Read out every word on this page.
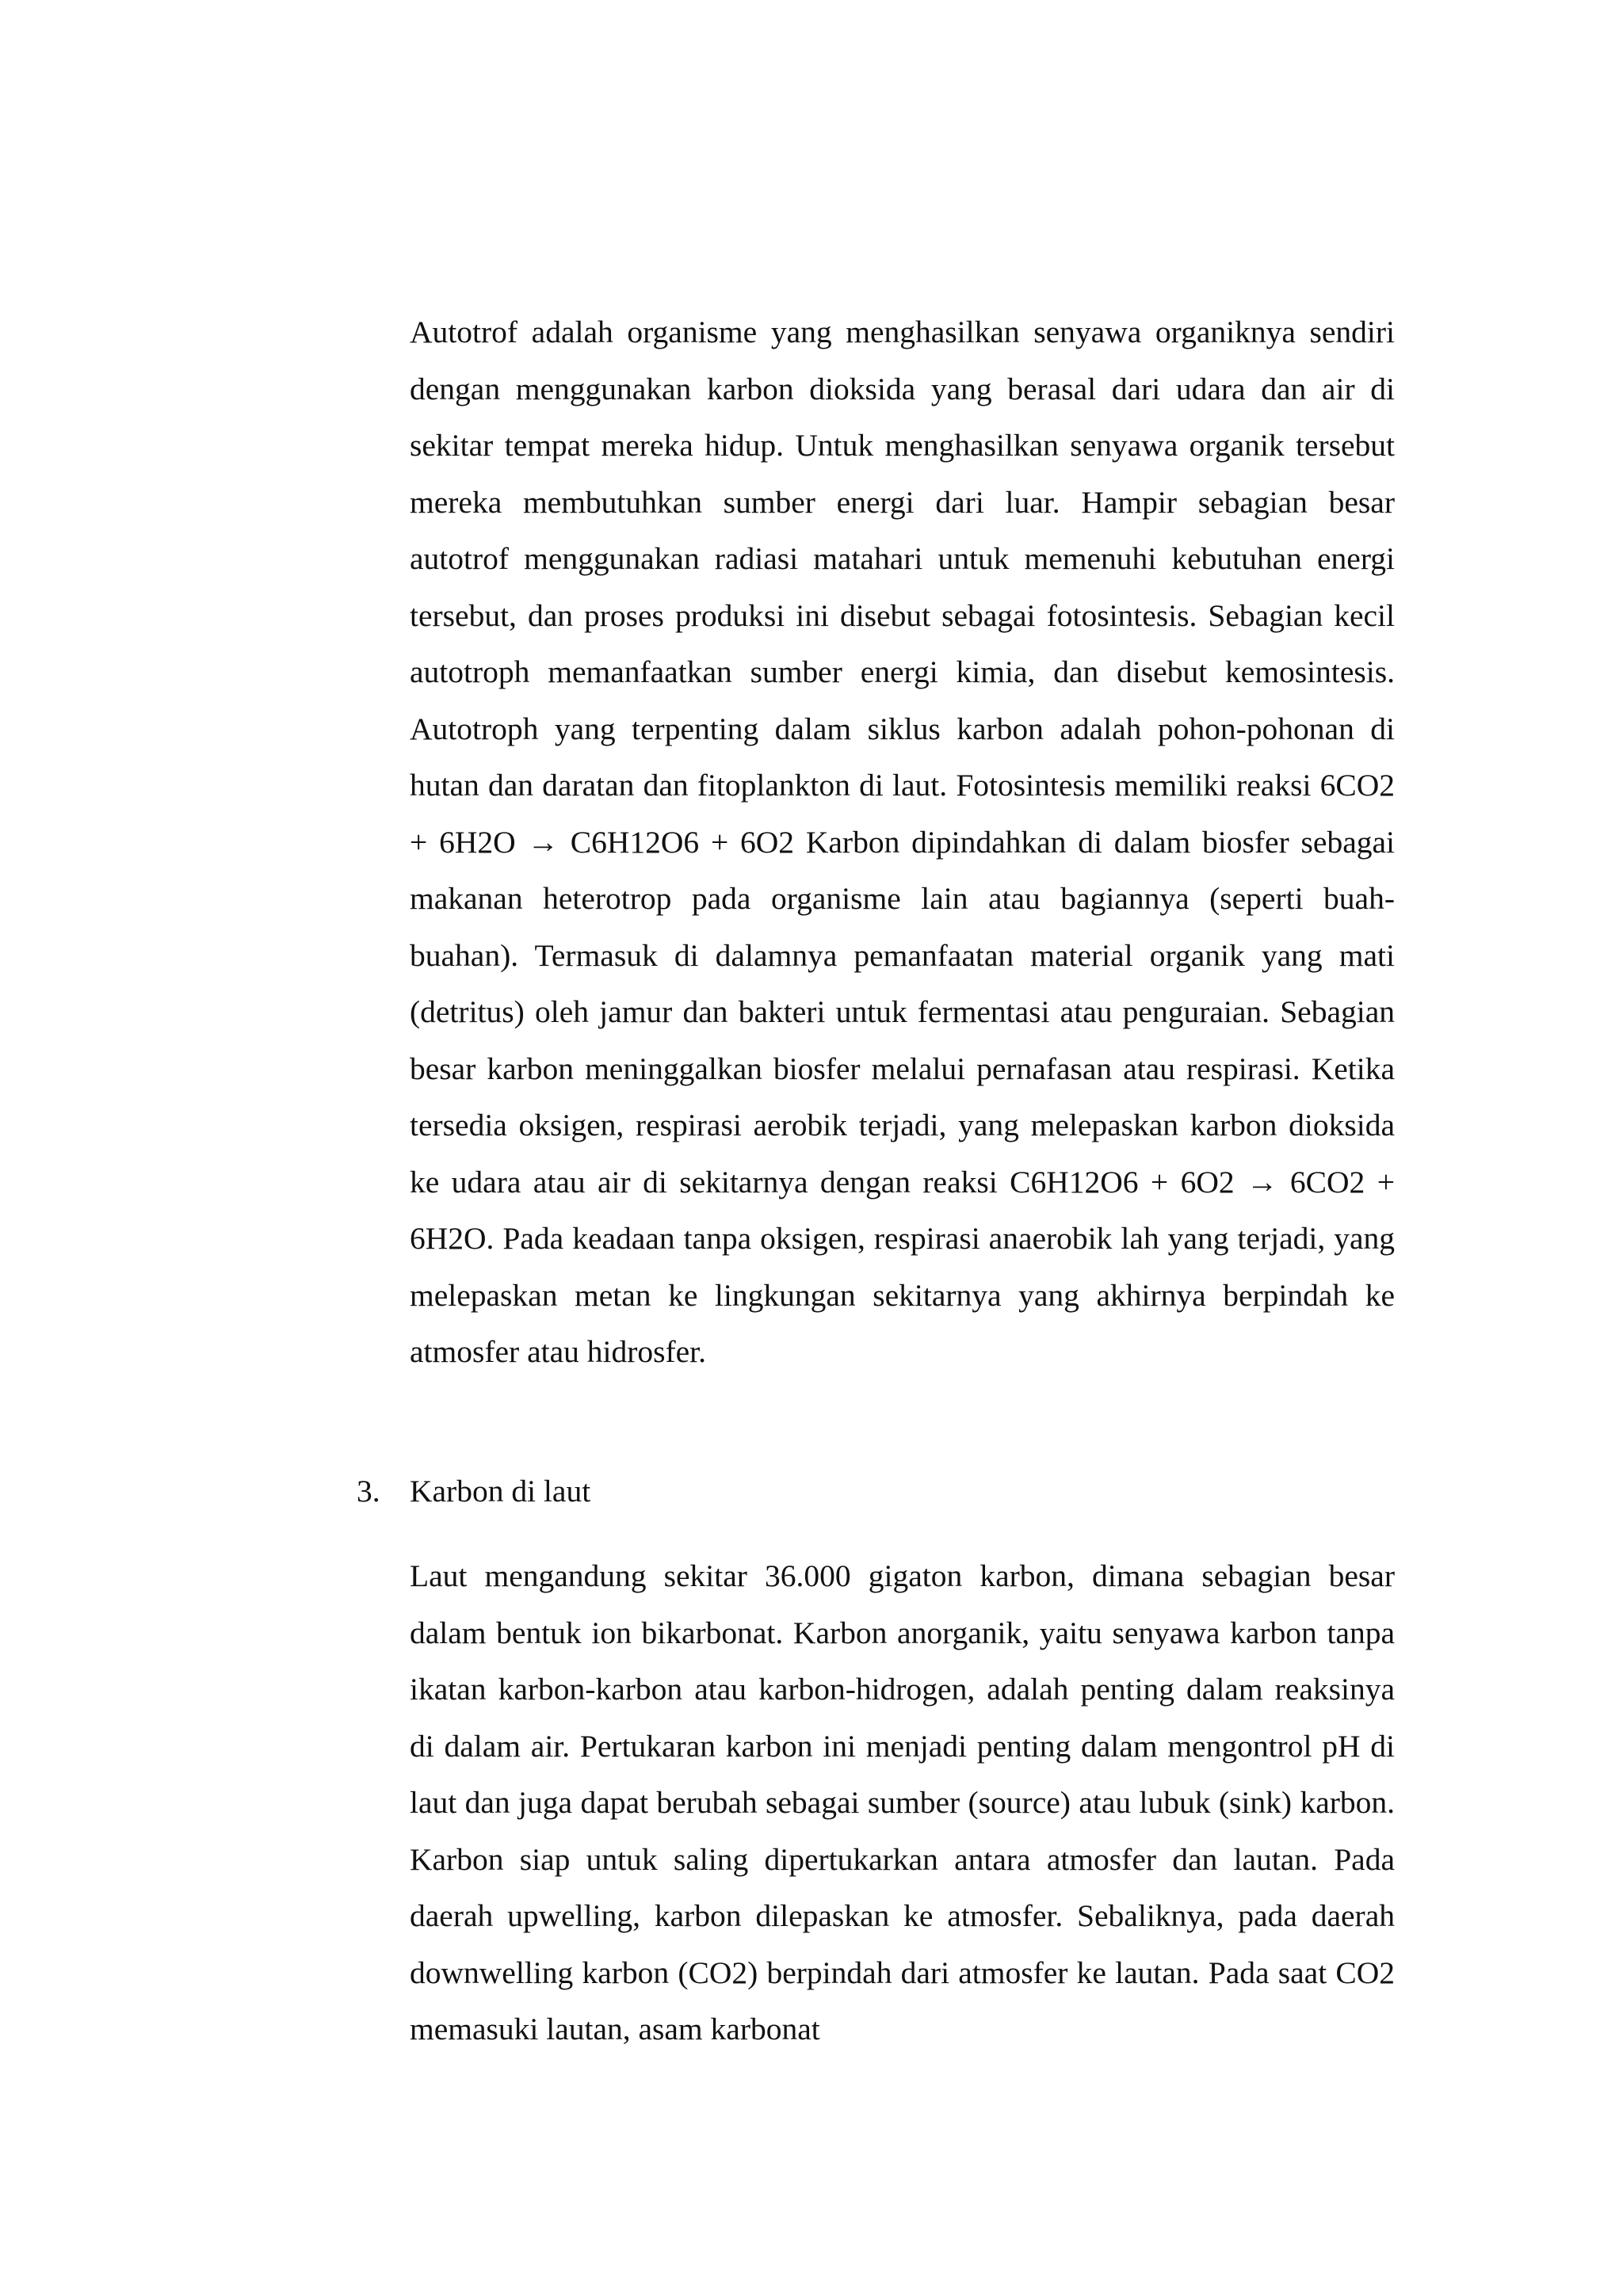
Autotrof adalah organisme yang menghasilkan senyawa organiknya sendiri dengan menggunakan karbon dioksida yang berasal dari udara dan air di sekitar tempat mereka hidup. Untuk menghasilkan senyawa organik tersebut mereka membutuhkan sumber energi dari luar. Hampir sebagian besar autotrof menggunakan radiasi matahari untuk memenuhi kebutuhan energi tersebut, dan proses produksi ini disebut sebagai fotosintesis. Sebagian kecil autotroph memanfaatkan sumber energi kimia, dan disebut kemosintesis. Autotroph yang terpenting dalam siklus karbon adalah pohon-pohonan di hutan dan daratan dan fitoplankton di laut. Fotosintesis memiliki reaksi 6CO2 + 6H2O → C6H12O6 + 6O2 Karbon dipindahkan di dalam biosfer sebagai makanan heterotrop pada organisme lain atau bagiannya (seperti buah-buahan). Termasuk di dalamnya pemanfaatan material organik yang mati (detritus) oleh jamur dan bakteri untuk fermentasi atau penguraian. Sebagian besar karbon meninggalkan biosfer melalui pernafasan atau respirasi. Ketika tersedia oksigen, respirasi aerobik terjadi, yang melepaskan karbon dioksida ke udara atau air di sekitarnya dengan reaksi C6H12O6 + 6O2 → 6CO2 + 6H2O. Pada keadaan tanpa oksigen, respirasi anaerobik lah yang terjadi, yang melepaskan metan ke lingkungan sekitarnya yang akhirnya berpindah ke atmosfer atau hidrosfer.

3. Karbon di laut

Laut mengandung sekitar 36.000 gigaton karbon, dimana sebagian besar dalam bentuk ion bikarbonat. Karbon anorganik, yaitu senyawa karbon tanpa ikatan karbon-karbon atau karbon-hidrogen, adalah penting dalam reaksinya di dalam air. Pertukaran karbon ini menjadi penting dalam mengontrol pH di laut dan juga dapat berubah sebagai sumber (source) atau lubuk (sink) karbon. Karbon siap untuk saling dipertukarkan antara atmosfer dan lautan. Pada daerah upwelling, karbon dilepaskan ke atmosfer. Sebaliknya, pada daerah downwelling karbon (CO2) berpindah dari atmosfer ke lautan. Pada saat CO2 memasuki lautan, asam karbonat
